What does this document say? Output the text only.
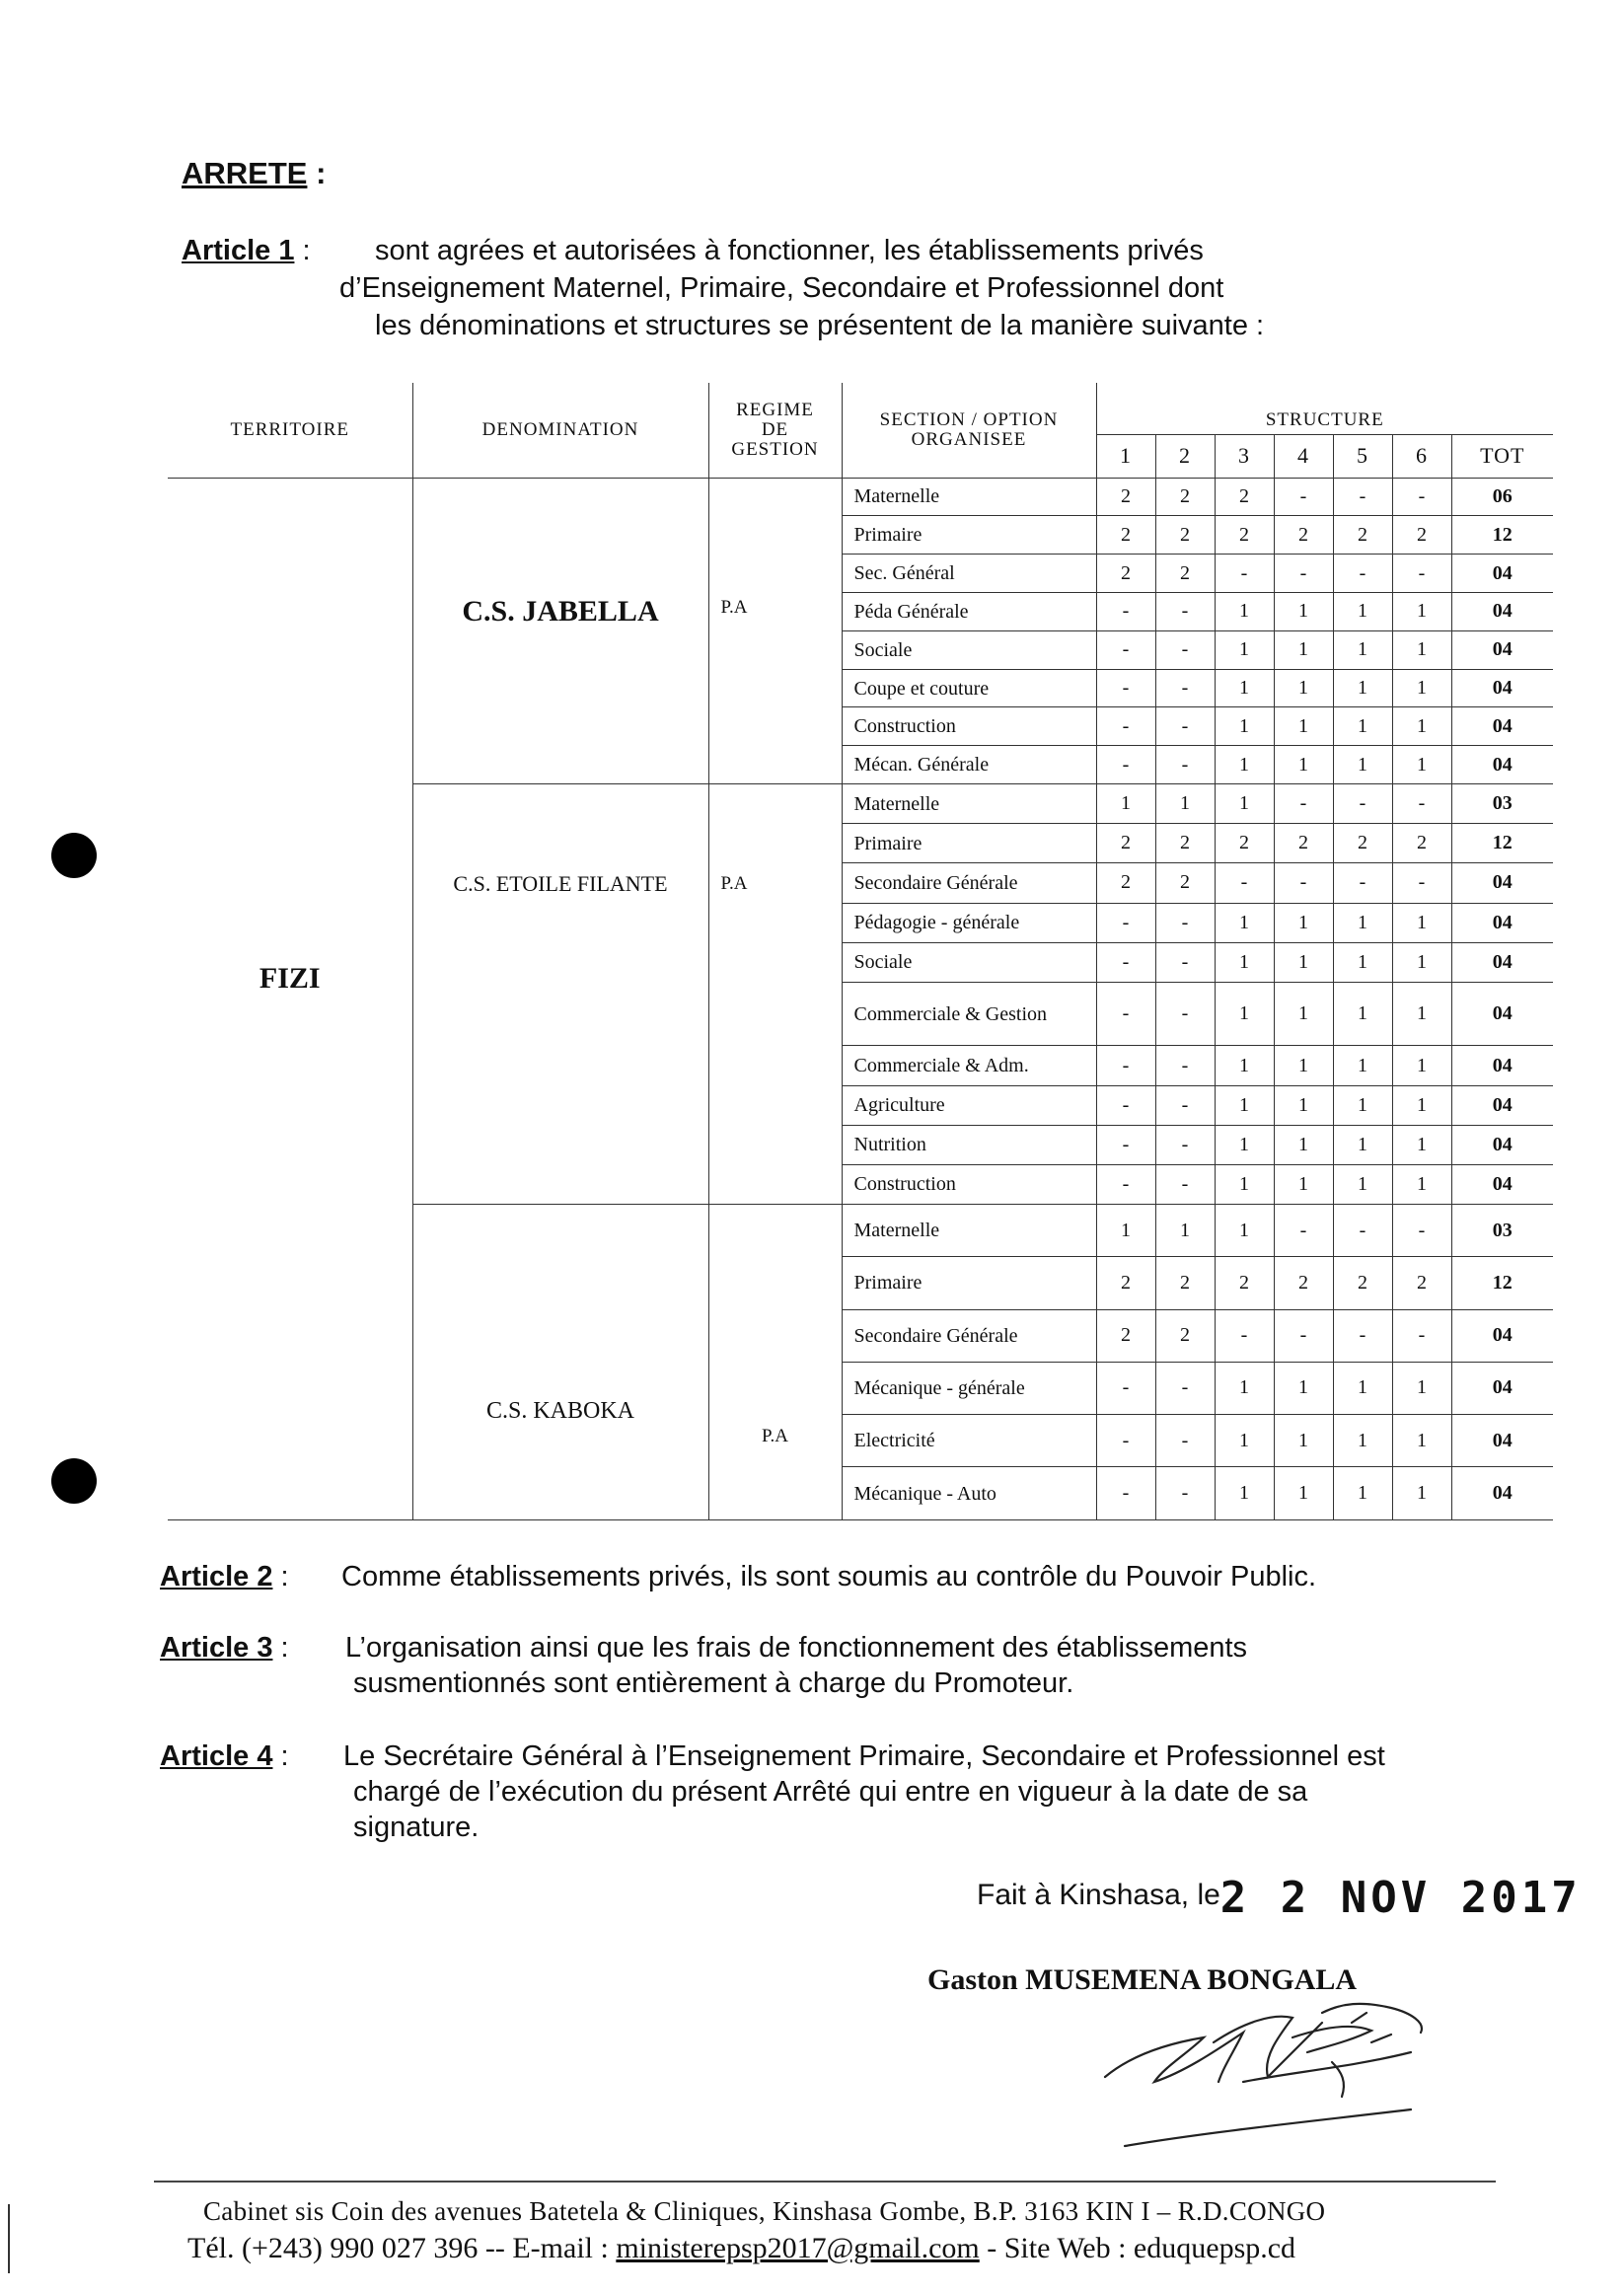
ARRETE :
Article 1 : sont agrées et autorisées à fonctionner, les établissements privés
d’Enseignement Maternel, Primaire, Secondaire et Professionnel dont
les dénominations et structures se présentent de la manière suivante :
TERRITOIRE	DENOMINATION	REGIME
DE
GESTION	SECTION / OPTION
ORGANISEE	STRUCTURE						
				1	2	3	4	5	6	TOT
FIZI	C.S. JABELLA	P.A	Maternelle	2	2	2	-	-	-	06
			Primaire	2	2	2	2	2	2	12
			Sec. Général	2	2	-	-	-	-	04
			Péda Générale	-	-	1	1	1	1	04
			Sociale	-	-	1	1	1	1	04
			Coupe et couture	-	-	1	1	1	1	04
			Construction	-	-	1	1	1	1	04
			Mécan. Générale	-	-	1	1	1	1	04

	C.S. ETOILE FILANTE	P.A	Maternelle	1	1	1	-	-	-	03
			Primaire	2	2	2	2	2	2	12
			Secondaire Générale	2	2	-	-	-	-	04
			Pédagogie - générale	-	-	1	1	1	1	04
			Sociale	-	-	1	1	1	1	04
			Commerciale & Gestion	-	-	1	1	1	1	04
			Commerciale & Adm.	-	-	1	1	1	1	04
			Agriculture	-	-	1	1	1	1	04
			Nutrition	-	-	1	1	1	1	04
			Construction	-	-	1	1	1	1	04

	C.S. KABOKA	P.A	Maternelle	1	1	1	-	-	-	03
			Primaire	2	2	2	2	2	2	12
			Secondaire Générale	2	2	-	-	-	-	04
			Mécanique - générale	-	-	1	1	1	1	04
			Electricité	-	-	1	1	1	1	04
			Mécanique - Auto	-	-	1	1	1	1	04
Article 2 : Comme établissements privés, ils sont soumis au contrôle du Pouvoir Public.
Article 3 : L’organisation ainsi que les frais de fonctionnement des établissements
susmentionnés sont entièrement à charge du Promoteur.
Article 4 : Le Secrétaire Général à l’Enseignement Primaire, Secondaire et Professionnel est
chargé de l’exécution du présent Arrêté qui entre en vigueur à la date de sa
signature.
Fait à Kinshasa, le2 2 NOV 2017
Gaston MUSEMENA BONGALA
Cabinet sis Coin des avenues Batetela & Cliniques, Kinshasa Gombe, B.P. 3163 KIN I – R.D.CONGO
Tél. (+243) 990 027 396 -- E-mail : ministerepsp2017@gmail.com - Site Web : eduquepsp.cd
